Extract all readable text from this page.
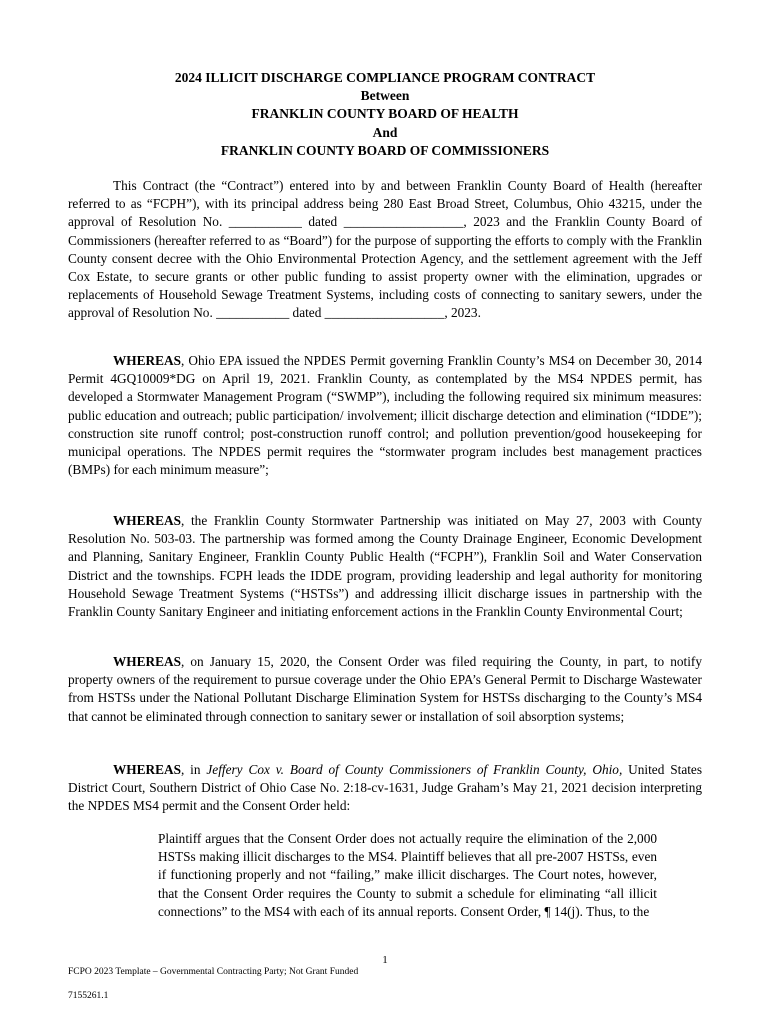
2024 ILLICIT DISCHARGE COMPLIANCE PROGRAM CONTRACT
Between
FRANKLIN COUNTY BOARD OF HEALTH
And
FRANKLIN COUNTY BOARD OF COMMISSIONERS

This Contract (the “Contract”) entered into by and between Franklin County Board of Health (hereafter referred to as “FCPH”), with its principal address being 280 East Broad Street, Columbus, Ohio 43215, under the approval of Resolution No. ___________ dated __________________, 2023 and the Franklin County Board of Commissioners (hereafter referred to as “Board”) for the purpose of supporting the efforts to comply with the Franklin County consent decree with the Ohio Environmental Protection Agency, and the settlement agreement with the Jeff Cox Estate, to secure grants or other public funding to assist property owner with the elimination, upgrades or replacements of Household Sewage Treatment Systems, including costs of connecting to sanitary sewers, under the approval of Resolution No. ___________ dated __________________, 2023.

WHEREAS, Ohio EPA issued the NPDES Permit governing Franklin County’s MS4 on December 30, 2014 Permit 4GQ10009*DG on April 19, 2021. Franklin County, as contemplated by the MS4 NPDES permit, has developed a Stormwater Management Program (“SWMP”), including the following required six minimum measures: public education and outreach; public participation/ involvement; illicit discharge detection and elimination (“IDDE”); construction site runoff control; post-construction runoff control; and pollution prevention/good housekeeping for municipal operations. The NPDES permit requires the “stormwater program includes best management practices (BMPs) for each minimum measure”;

WHEREAS, the Franklin County Stormwater Partnership was initiated on May 27, 2003 with County Resolution No. 503-03. The partnership was formed among the County Drainage Engineer, Economic Development and Planning, Sanitary Engineer, Franklin County Public Health (“FCPH”), Franklin Soil and Water Conservation District and the townships. FCPH leads the IDDE program, providing leadership and legal authority for monitoring Household Sewage Treatment Systems (“HSTSs”) and addressing illicit discharge issues in partnership with the Franklin County Sanitary Engineer and initiating enforcement actions in the Franklin County Environmental Court;

WHEREAS, on January 15, 2020, the Consent Order was filed requiring the County, in part, to notify property owners of the requirement to pursue coverage under the Ohio EPA’s General Permit to Discharge Wastewater from HSTSs under the National Pollutant Discharge Elimination System for HSTSs discharging to the County’s MS4 that cannot be eliminated through connection to sanitary sewer or installation of soil absorption systems;

WHEREAS, in Jeffery Cox v. Board of County Commissioners of Franklin County, Ohio, United States District Court, Southern District of Ohio Case No. 2:18-cv-1631, Judge Graham’s May 21, 2021 decision interpreting the NPDES MS4 permit and the Consent Order held:

Plaintiff argues that the Consent Order does not actually require the elimination of the 2,000 HSTSs making illicit discharges to the MS4. Plaintiff believes that all pre-2007 HSTSs, even if functioning properly and not “failing,” make illicit discharges. The Court notes, however, that the Consent Order requires the County to submit a schedule for eliminating “all illicit connections” to the MS4 with each of its annual reports. Consent Order, ¶ 14(j). Thus, to the

1
FCPO 2023 Template – Governmental Contracting Party; Not Grant Funded
7155261.1
